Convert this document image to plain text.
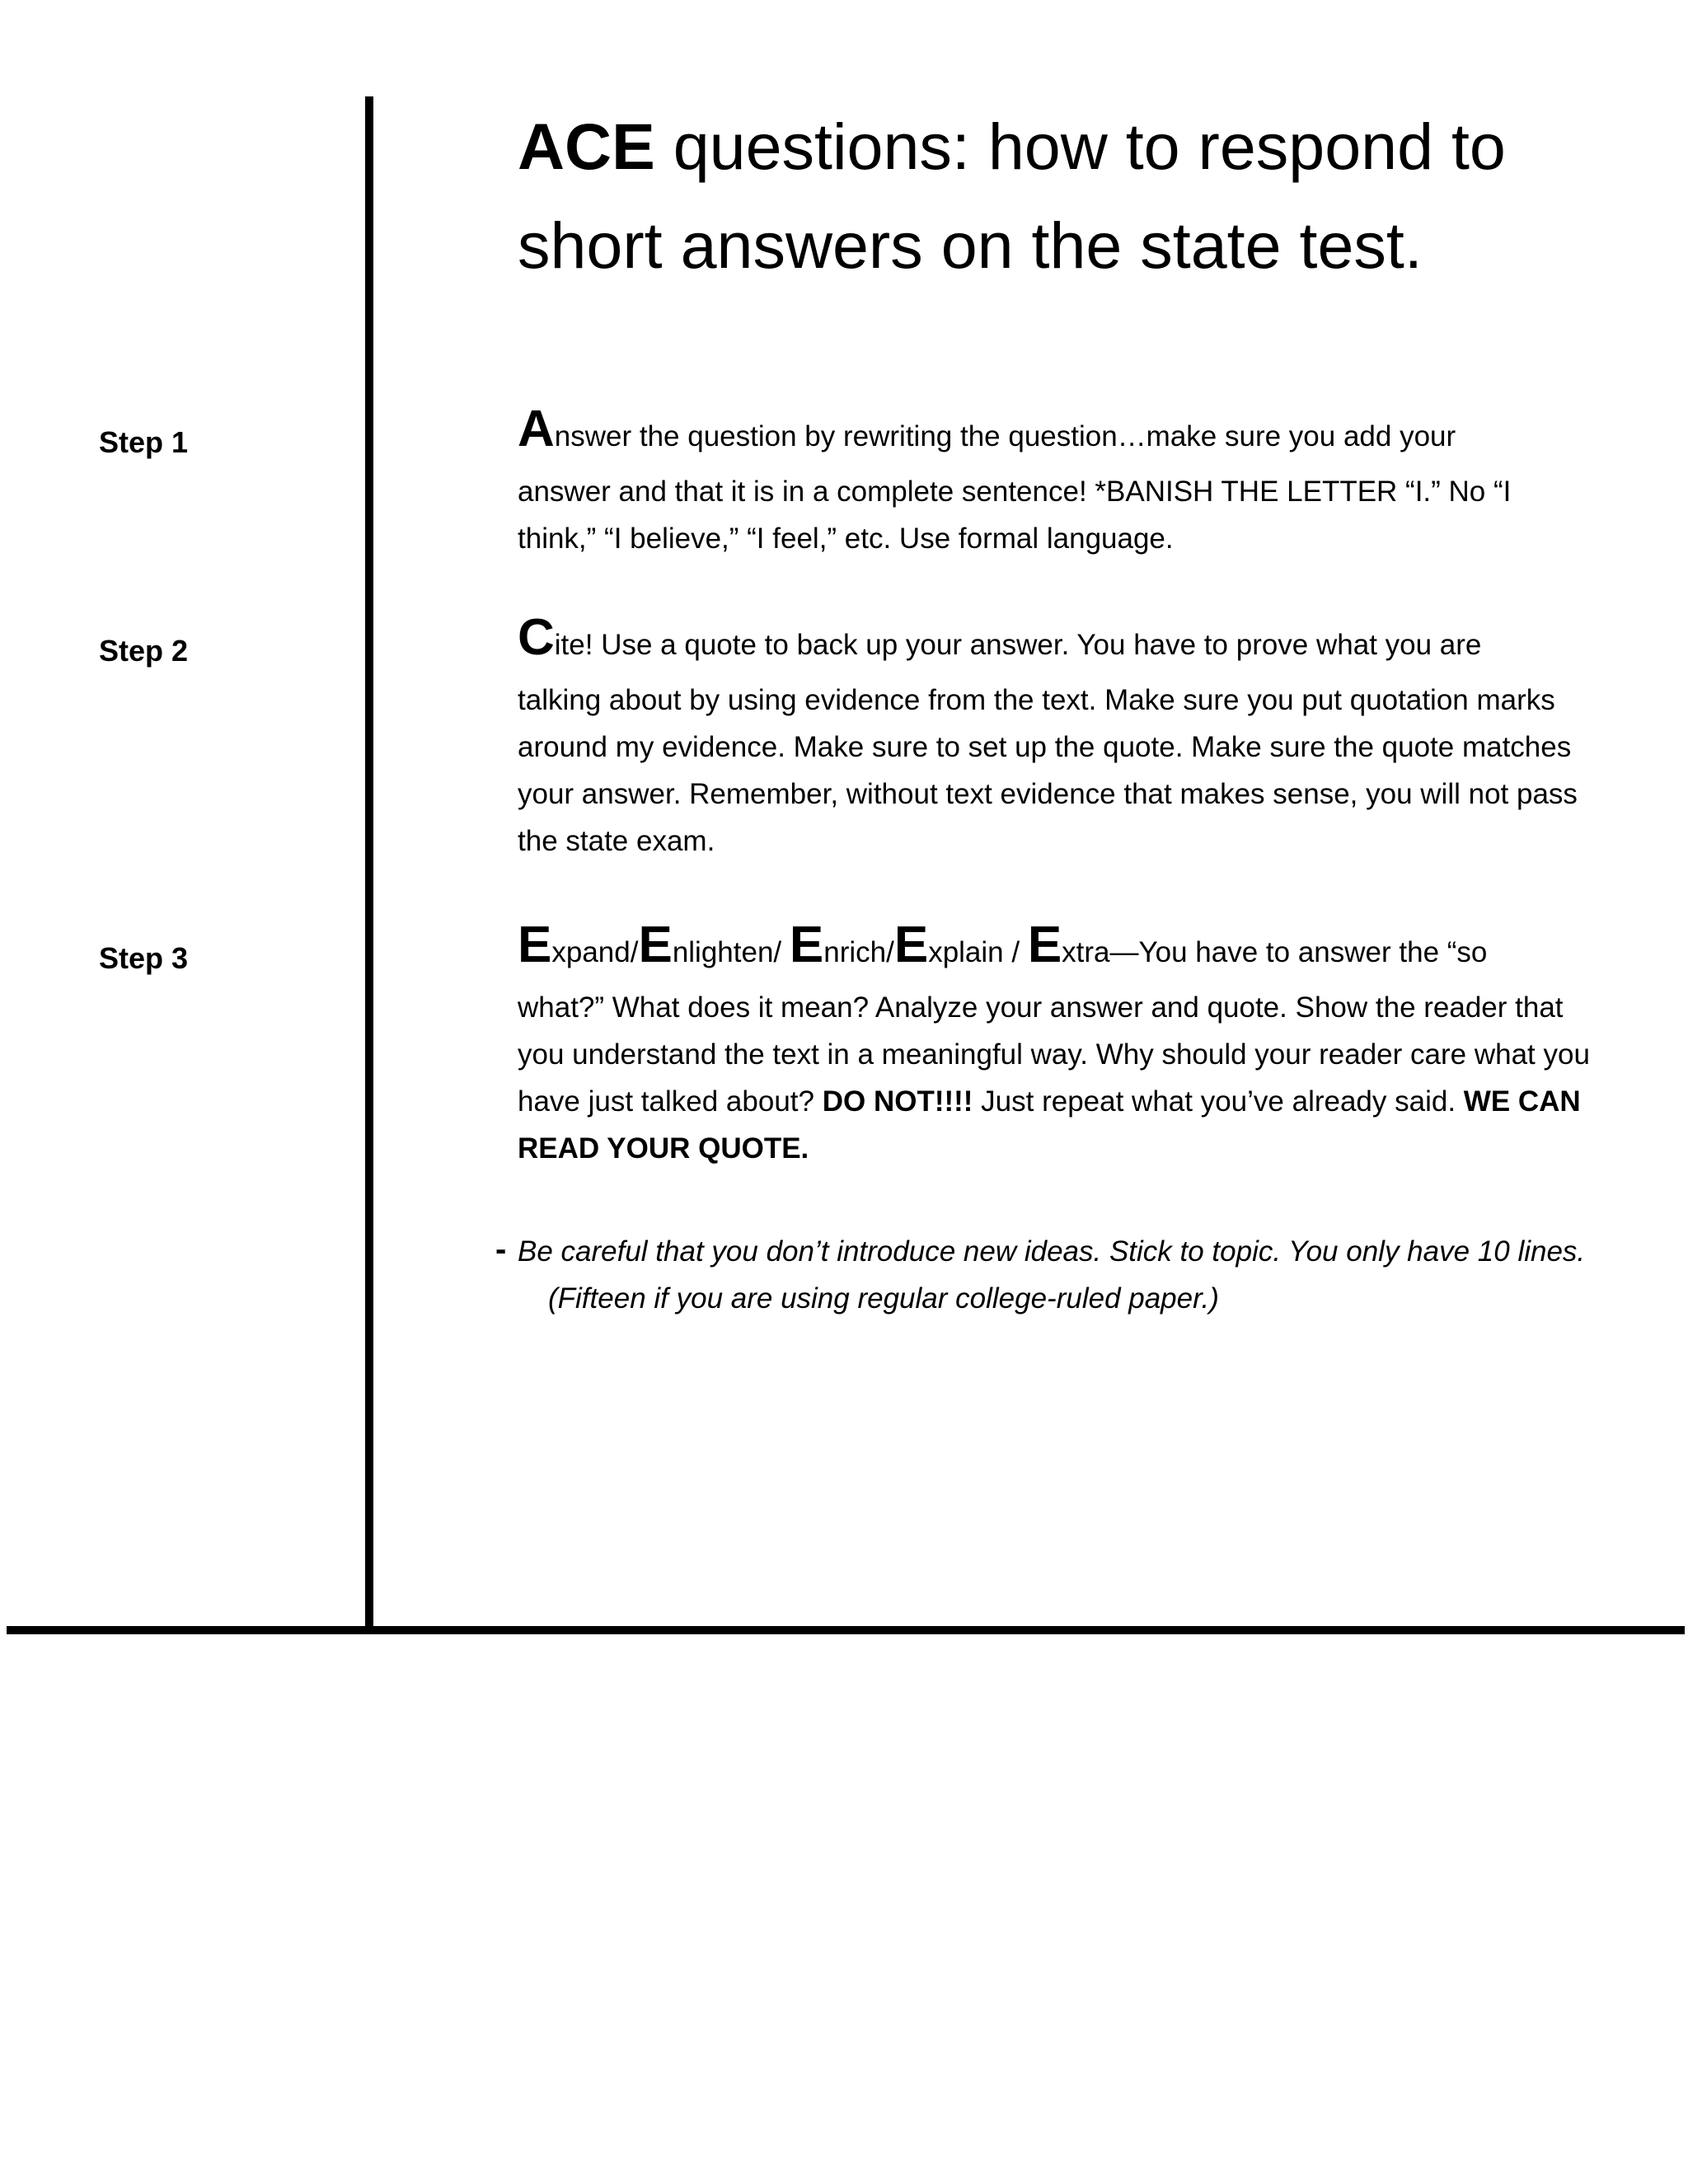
ACE questions: how to respond to short answers on the state test.
Step 1	Answer the question by rewriting the question…make sure you add your
answer and that it is in a complete sentence! *BANISH THE LETTER “I.” No “I think,” “I believe,” “I feel,” etc. Use formal language.
Step 2	Cite! Use a quote to back up your answer. You have to prove what you are
talking about by using evidence from the text. Make sure you put quotation marks around my evidence. Make sure to set up the quote. Make sure the quote matches your answer. Remember, without text evidence that makes sense, you will not pass the state exam.
Step 3	Expand/Enlighten/ Enrich/Explain / Extra—You have to answer the “so
what?” What does it mean? Analyze your answer and quote. Show the reader that you understand the text in a meaningful way. Why should your reader care what you have just talked about? DO NOT!!!! Just repeat what you’ve already said. WE CAN READ YOUR QUOTE.
- Be careful that you don’t introduce new ideas. Stick to topic. You only have 10 lines. (Fifteen if you are using regular college-ruled paper.)
